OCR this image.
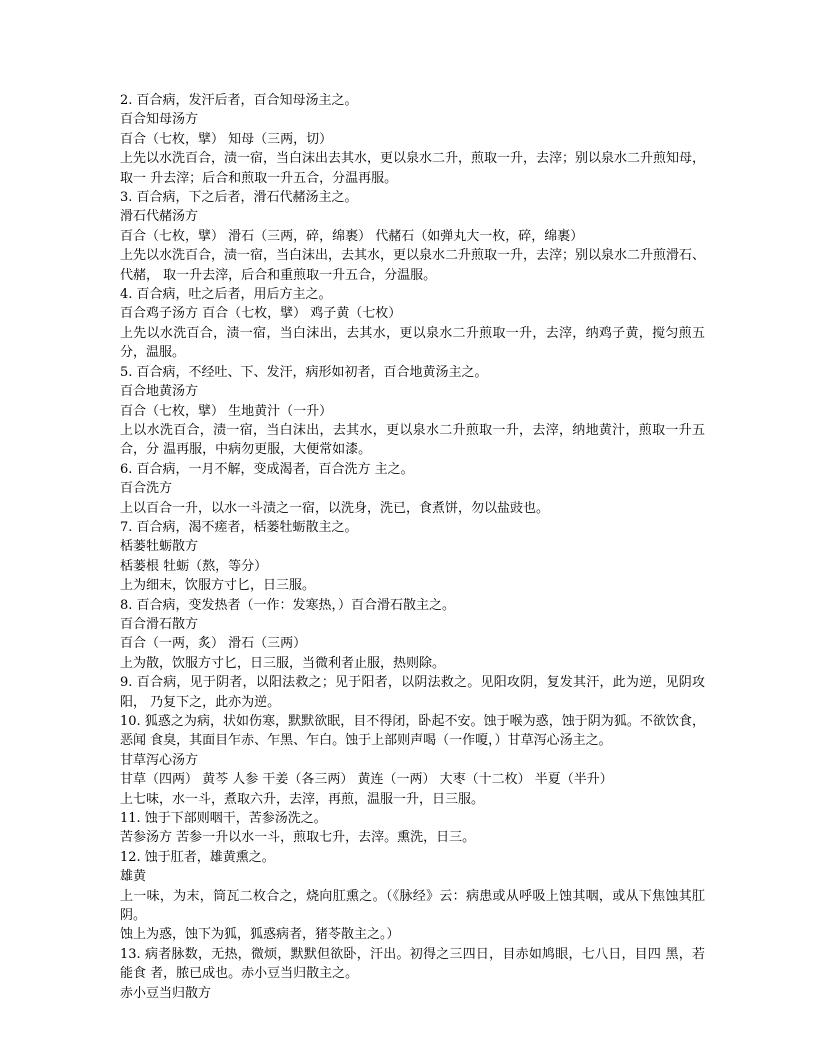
2. 百合病，发汗后者，百合知母汤主之。

百合知母汤方

百合（七枚，擘） 知母（三两，切）

上先以水洗百合，渍一宿，当白沫出去其水，更以泉水二升，煎取一升，去滓；别以泉水二升煎知母，取一 升去滓；后合和煎取一升五合，分温再服。

3. 百合病，下之后者，滑石代赭汤主之。

滑石代赭汤方

百合（七枚，擘） 滑石（三两，碎，绵裹） 代赭石（如弹丸大一枚，碎，绵裹）

上先以水洗百合，渍一宿，当白沫出，去其水，更以泉水二升煎取一升，去滓；别以泉水二升煎滑石、代赭， 取一升去滓，后合和重煎取一升五合，分温服。

4. 百合病，吐之后者，用后方主之。

百合鸡子汤方 百合（七枚，擘） 鸡子黄（七枚）

上先以水洗百合，渍一宿，当白沫出，去其水，更以泉水二升煎取一升，去滓，纳鸡子黄，搅匀煎五分，温服。

5. 百合病，不经吐、下、发汗，病形如初者，百合地黄汤主之。

百合地黄汤方

百合（七枚，擘） 生地黄汁（一升）

上以水洗百合，渍一宿，当白沫出，去其水，更以泉水二升煎取一升，去滓，纳地黄汁，煎取一升五合，分 温再服，中病勿更服，大便常如漆。

6. 百合病，一月不解，变成渴者，百合洗方 主之。

百合洗方

上以百合一升，以水一斗渍之一宿，以洗身，洗已，食煮饼，勿以盐豉也。

7. 百合病，渴不瘥者，栝蒌牡蛎散主之。

栝蒌牡蛎散方

栝蒌根 牡蛎（熬，等分）

上为细末，饮服方寸匕，日三服。

8. 百合病，变发热者（一作：发寒热，）百合滑石散主之。

百合滑石散方

百合（一两，炙） 滑石（三两）

上为散，饮服方寸匕，日三服，当微利者止服，热则除。

9. 百合病，见于阴者，以阳法救之；见于阳者，以阴法救之。见阳攻阴，复发其汗，此为逆，见阴攻阳， 乃复下之，此亦为逆。

10. 狐惑之为病，状如伤寒，默默欲眠，目不得闭，卧起不安。蚀于喉为惑，蚀于阴为狐。不欲饮食，恶闻 食臭，其面目乍赤、乍黑、乍白。蚀于上部则声喝（一作嗄，）甘草泻心汤主之。

甘草泻心汤方

甘草（四两） 黄芩 人参 干姜（各三两） 黄连（一两） 大枣（十二枚） 半夏（半升）

上七味，水一斗，煮取六升，去滓，再煎，温服一升，日三服。

11. 蚀于下部则咽干，苦参汤洗之。

苦参汤方 苦参一升以水一斗，煎取七升，去滓。熏洗，日三。

12. 蚀于肛者，雄黄熏之。

雄黄

上一味，为末，筒瓦二枚合之，烧向肛熏之。（《脉经》云：病患或从呼吸上蚀其咽，或从下焦蚀其肛阴。

蚀上为惑，蚀下为狐，狐惑病者，猪苓散主之。）

13. 病者脉数，无热，微烦，默默但欲卧，汗出。初得之三四日，目赤如鸠眼，七八日，目四 黑，若能食 者，脓已成也。赤小豆当归散主之。

赤小豆当归散方
